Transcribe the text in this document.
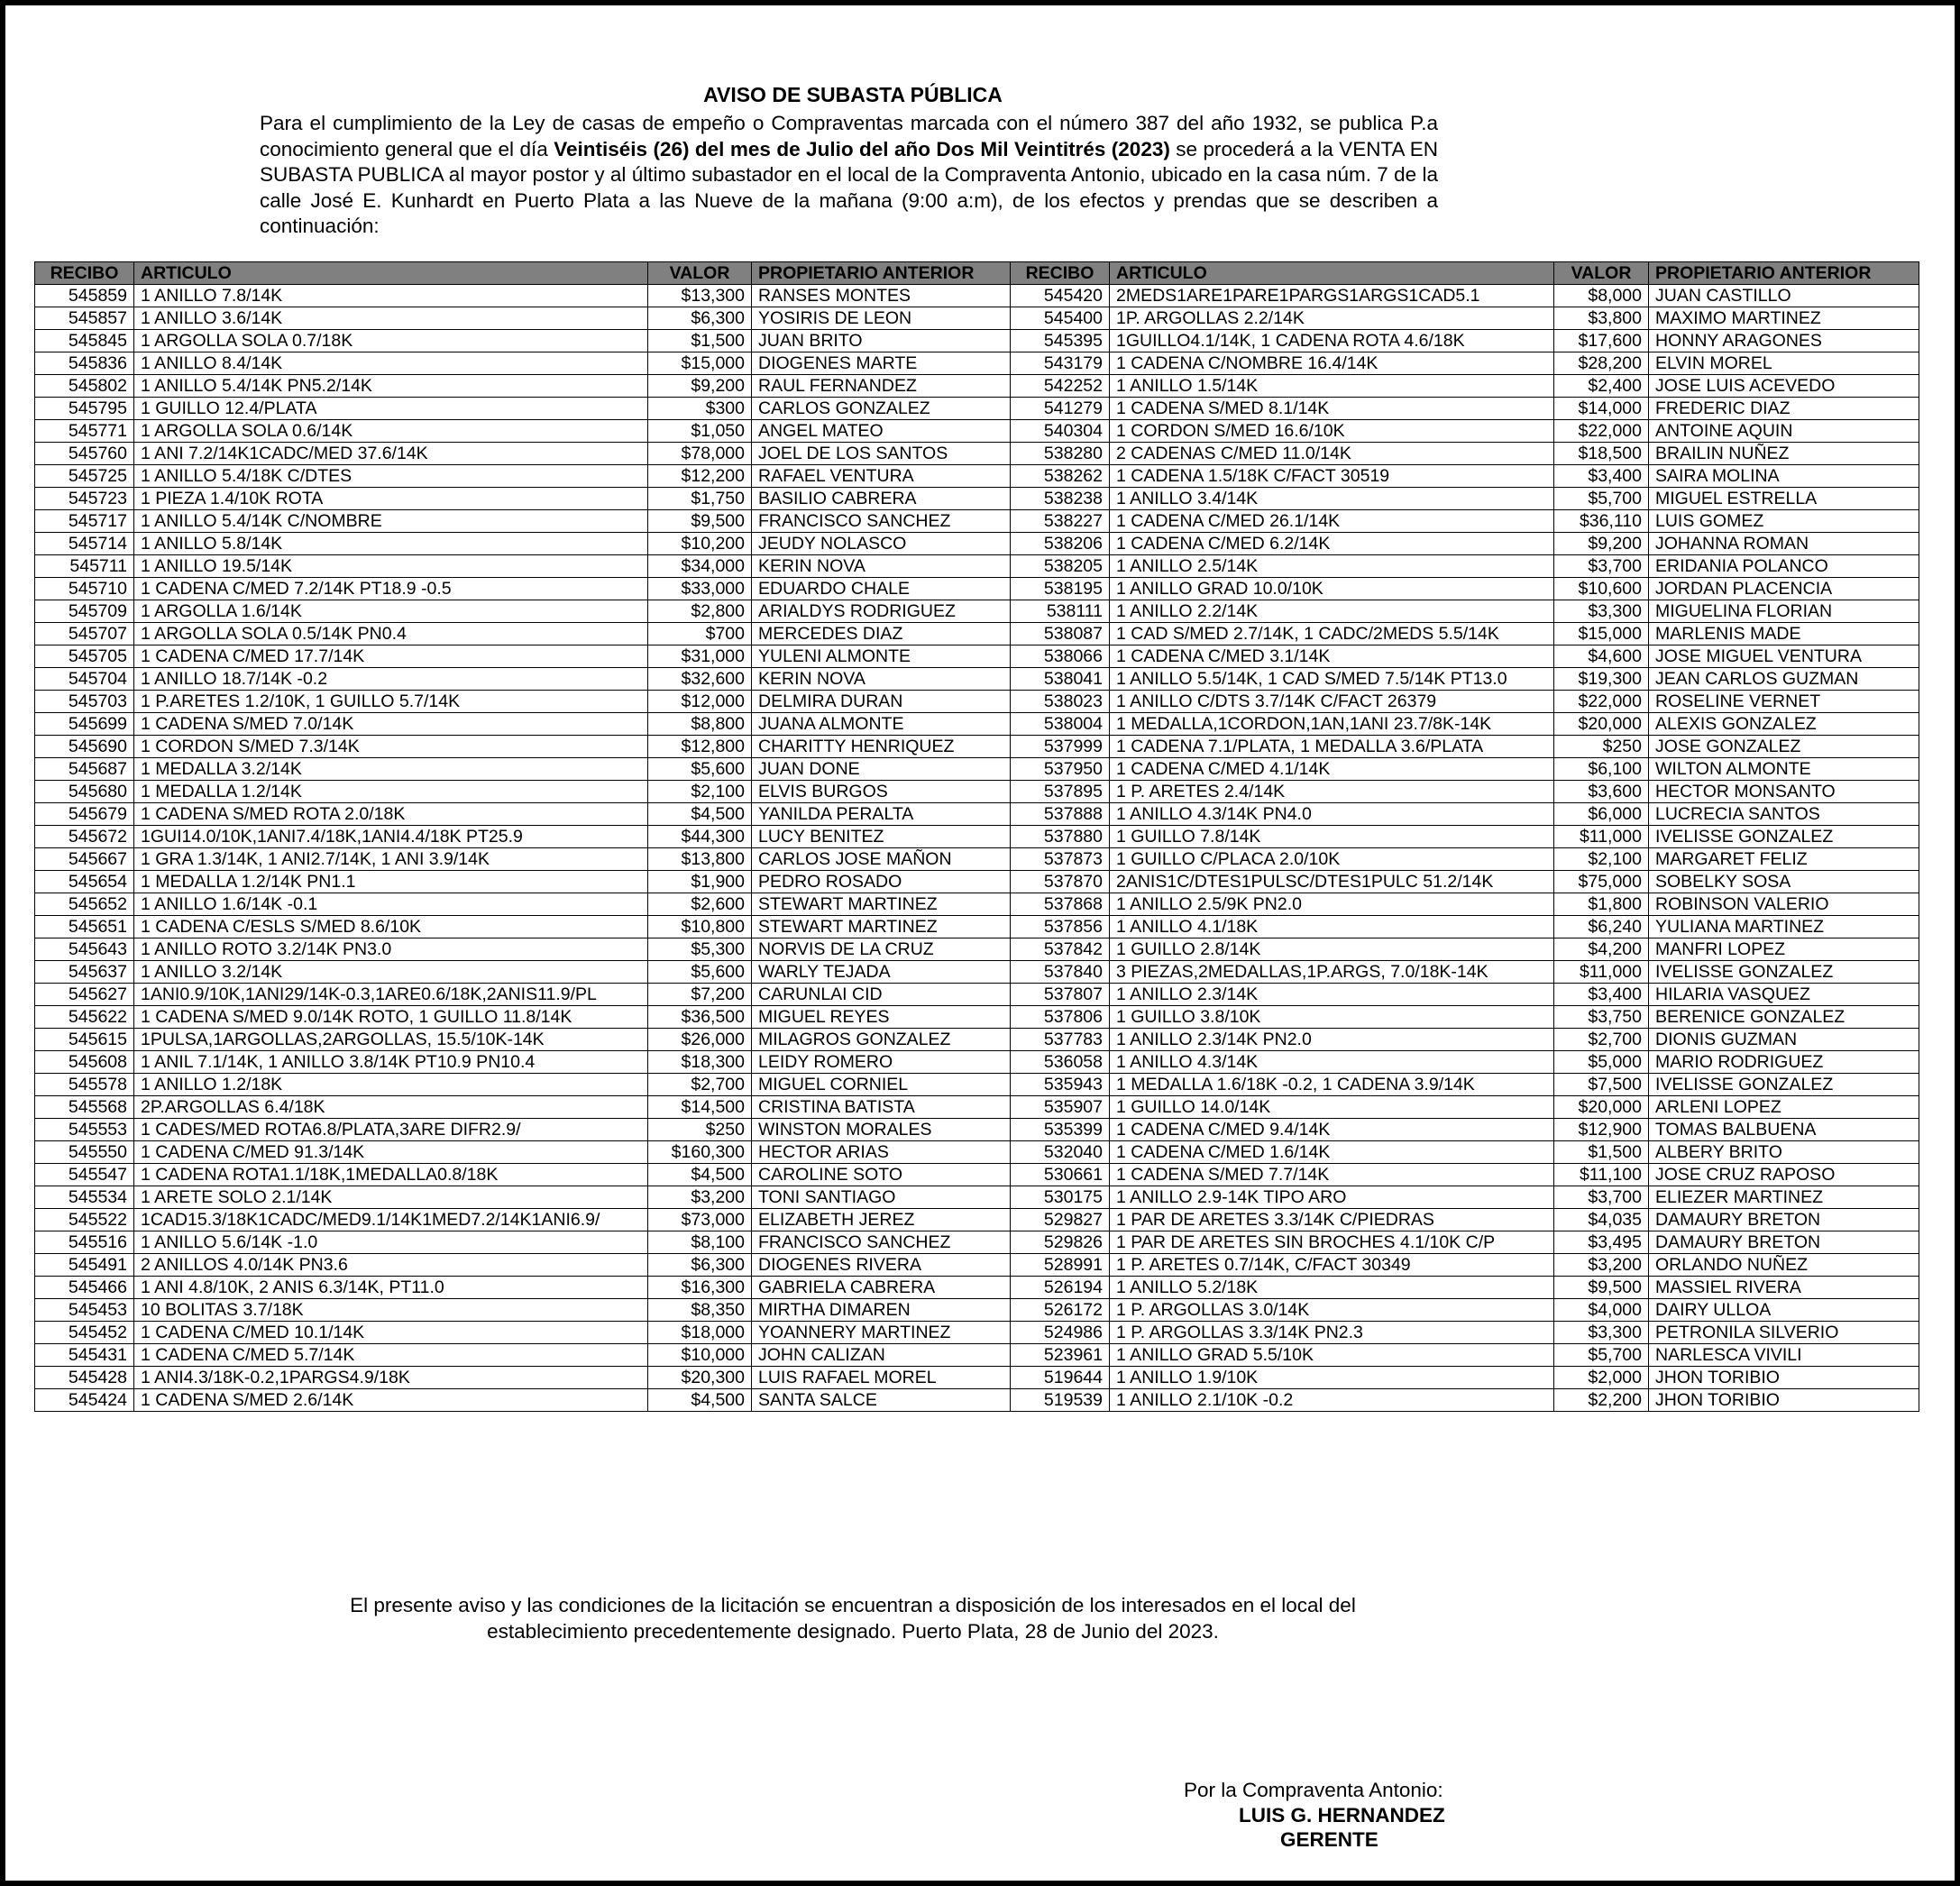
AVISO DE SUBASTA PÚBLICA
Para el cumplimiento de la Ley de casas de empeño o Compraventas marcada con el número 387 del año 1932, se publica P.a conocimiento general que el día Veintiséis (26) del mes de Julio del año Dos Mil Veintitrés (2023) se procederá a la VENTA EN SUBASTA PUBLICA al mayor postor y al último subastador en el local de la Compraventa Antonio, ubicado en la casa núm. 7 de la calle José E. Kunhardt en Puerto Plata a las Nueve de la mañana (9:00 a:m), de los efectos y prendas que se describen a continuación:
RECIBO	ARTICULO	VALOR	PROPIETARIO ANTERIOR	RECIBO	ARTICULO	VALOR	PROPIETARIO ANTERIOR
545859	1 ANILLO 7.8/14K	$13,300	RANSES MONTES	545420	2MEDS1ARE1PARE1PARGS1ARGS1CAD5.1	$8,000	JUAN CASTILLO
545857	1 ANILLO 3.6/14K	$6,300	YOSIRIS DE LEON	545400	1P. ARGOLLAS 2.2/14K	$3,800	MAXIMO MARTINEZ
545845	1 ARGOLLA SOLA 0.7/18K	$1,500	JUAN BRITO	545395	1GUILLO4.1/14K, 1 CADENA ROTA 4.6/18K	$17,600	HONNY ARAGONES
545836	1 ANILLO 8.4/14K	$15,000	DIOGENES MARTE	543179	1 CADENA C/NOMBRE 16.4/14K	$28,200	ELVIN MOREL
545802	1 ANILLO 5.4/14K PN5.2/14K	$9,200	RAUL FERNANDEZ	542252	1 ANILLO 1.5/14K	$2,400	JOSE LUIS ACEVEDO
545795	1 GUILLO 12.4/PLATA	$300	CARLOS GONZALEZ	541279	1 CADENA S/MED 8.1/14K	$14,000	FREDERIC DIAZ
545771	1 ARGOLLA SOLA 0.6/14K	$1,050	ANGEL MATEO	540304	1 CORDON S/MED 16.6/10K	$22,000	ANTOINE AQUIN
545760	1 ANI 7.2/14K1CADC/MED 37.6/14K	$78,000	JOEL DE LOS SANTOS	538280	2 CADENAS C/MED 11.0/14K	$18,500	BRAILIN NUÑEZ
545725	1 ANILLO 5.4/18K C/DTES	$12,200	RAFAEL VENTURA	538262	1 CADENA 1.5/18K C/FACT 30519	$3,400	SAIRA MOLINA
545723	1 PIEZA 1.4/10K ROTA	$1,750	BASILIO CABRERA	538238	1 ANILLO 3.4/14K	$5,700	MIGUEL ESTRELLA
545717	1 ANILLO 5.4/14K C/NOMBRE	$9,500	FRANCISCO SANCHEZ	538227	1 CADENA C/MED 26.1/14K	$36,110	LUIS GOMEZ
545714	1 ANILLO 5.8/14K	$10,200	JEUDY NOLASCO	538206	1 CADENA C/MED 6.2/14K	$9,200	JOHANNA ROMAN
545711	1 ANILLO 19.5/14K	$34,000	KERIN NOVA	538205	1 ANILLO 2.5/14K	$3,700	ERIDANIA POLANCO
545710	1 CADENA C/MED 7.2/14K PT18.9 -0.5	$33,000	EDUARDO CHALE	538195	1 ANILLO GRAD 10.0/10K	$10,600	JORDAN PLACENCIA
545709	1 ARGOLLA 1.6/14K	$2,800	ARIALDYS RODRIGUEZ	538111	1 ANILLO 2.2/14K	$3,300	MIGUELINA FLORIAN
545707	1 ARGOLLA SOLA 0.5/14K PN0.4	$700	MERCEDES DIAZ	538087	1 CAD S/MED 2.7/14K, 1 CADC/2MEDS 5.5/14K	$15,000	MARLENIS MADE
545705	1 CADENA C/MED 17.7/14K	$31,000	YULENI ALMONTE	538066	1 CADENA C/MED 3.1/14K	$4,600	JOSE MIGUEL VENTURA
545704	1 ANILLO 18.7/14K -0.2	$32,600	KERIN NOVA	538041	1 ANILLO 5.5/14K, 1 CAD S/MED 7.5/14K PT13.0	$19,300	JEAN CARLOS GUZMAN
545703	1 P.ARETES 1.2/10K, 1 GUILLO 5.7/14K	$12,000	DELMIRA DURAN	538023	1 ANILLO C/DTS 3.7/14K C/FACT 26379	$22,000	ROSELINE VERNET
545699	1 CADENA S/MED 7.0/14K	$8,800	JUANA ALMONTE	538004	1 MEDALLA,1CORDON,1AN,1ANI 23.7/8K-14K	$20,000	ALEXIS GONZALEZ
545690	1 CORDON S/MED 7.3/14K	$12,800	CHARITTY HENRIQUEZ	537999	1 CADENA 7.1/PLATA, 1 MEDALLA 3.6/PLATA	$250	JOSE GONZALEZ
545687	1 MEDALLA 3.2/14K	$5,600	JUAN DONE	537950	1 CADENA C/MED 4.1/14K	$6,100	WILTON ALMONTE
545680	1 MEDALLA 1.2/14K	$2,100	ELVIS BURGOS	537895	1 P. ARETES 2.4/14K	$3,600	HECTOR MONSANTO
545679	1 CADENA S/MED ROTA 2.0/18K	$4,500	YANILDA PERALTA	537888	1 ANILLO 4.3/14K PN4.0	$6,000	LUCRECIA SANTOS
545672	1GUI14.0/10K,1ANI7.4/18K,1ANI4.4/18K PT25.9	$44,300	LUCY BENITEZ	537880	1 GUILLO 7.8/14K	$11,000	IVELISSE GONZALEZ
545667	1 GRA 1.3/14K, 1 ANI2.7/14K, 1 ANI 3.9/14K	$13,800	CARLOS JOSE MAÑON	537873	1 GUILLO C/PLACA 2.0/10K	$2,100	MARGARET FELIZ
545654	1 MEDALLA 1.2/14K PN1.1	$1,900	PEDRO ROSADO	537870	2ANIS1C/DTES1PULSC/DTES1PULC 51.2/14K	$75,000	SOBELKY SOSA
545652	1 ANILLO 1.6/14K -0.1	$2,600	STEWART MARTINEZ	537868	1 ANILLO 2.5/9K PN2.0	$1,800	ROBINSON VALERIO
545651	1 CADENA C/ESLS S/MED 8.6/10K	$10,800	STEWART MARTINEZ	537856	1 ANILLO 4.1/18K	$6,240	YULIANA MARTINEZ
545643	1 ANILLO ROTO 3.2/14K PN3.0	$5,300	NORVIS DE LA CRUZ	537842	1 GUILLO 2.8/14K	$4,200	MANFRI LOPEZ
545637	1 ANILLO 3.2/14K	$5,600	WARLY TEJADA	537840	3 PIEZAS,2MEDALLAS,1P.ARGS, 7.0/18K-14K	$11,000	IVELISSE GONZALEZ
545627	1ANI0.9/10K,1ANI29/14K-0.3,1ARE0.6/18K,2ANIS11.9/PL	$7,200	CARUNLAI CID	537807	1 ANILLO 2.3/14K	$3,400	HILARIA VASQUEZ
545622	1 CADENA S/MED 9.0/14K ROTO, 1 GUILLO 11.8/14K	$36,500	MIGUEL REYES	537806	1 GUILLO 3.8/10K	$3,750	BERENICE GONZALEZ
545615	1PULSA,1ARGOLLAS,2ARGOLLAS, 15.5/10K-14K	$26,000	MILAGROS GONZALEZ	537783	1 ANILLO 2.3/14K PN2.0	$2,700	DIONIS GUZMAN
545608	1 ANIL 7.1/14K, 1 ANILLO 3.8/14K PT10.9 PN10.4	$18,300	LEIDY ROMERO	536058	1 ANILLO 4.3/14K	$5,000	MARIO RODRIGUEZ
545578	1 ANILLO 1.2/18K	$2,700	MIGUEL CORNIEL	535943	1 MEDALLA 1.6/18K -0.2, 1 CADENA 3.9/14K	$7,500	IVELISSE GONZALEZ
545568	2P.ARGOLLAS 6.4/18K	$14,500	CRISTINA BATISTA	535907	1 GUILLO 14.0/14K	$20,000	ARLENI LOPEZ
545553	1 CADES/MED ROTA6.8/PLATA,3ARE DIFR2.9/	$250	WINSTON MORALES	535399	1 CADENA C/MED 9.4/14K	$12,900	TOMAS BALBUENA
545550	1 CADENA C/MED 91.3/14K	$160,300	HECTOR ARIAS	532040	1 CADENA C/MED 1.6/14K	$1,500	ALBERY BRITO
545547	1 CADENA ROTA1.1/18K,1MEDALLA0.8/18K	$4,500	CAROLINE SOTO	530661	1 CADENA S/MED 7.7/14K	$11,100	JOSE CRUZ RAPOSO
545534	1 ARETE SOLO 2.1/14K	$3,200	TONI SANTIAGO	530175	1 ANILLO 2.9-14K TIPO ARO	$3,700	ELIEZER MARTINEZ
545522	1CAD15.3/18K1CADC/MED9.1/14K1MED7.2/14K1ANI6.9/	$73,000	ELIZABETH JEREZ	529827	1 PAR DE ARETES 3.3/14K C/PIEDRAS	$4,035	DAMAURY BRETON
545516	1 ANILLO 5.6/14K -1.0	$8,100	FRANCISCO SANCHEZ	529826	1 PAR DE ARETES SIN BROCHES 4.1/10K C/P	$3,495	DAMAURY BRETON
545491	2 ANILLOS 4.0/14K PN3.6	$6,300	DIOGENES RIVERA	528991	1 P. ARETES 0.7/14K, C/FACT 30349	$3,200	ORLANDO NUÑEZ
545466	1 ANI 4.8/10K, 2 ANIS 6.3/14K, PT11.0	$16,300	GABRIELA CABRERA	526194	1 ANILLO 5.2/18K	$9,500	MASSIEL RIVERA
545453	10 BOLITAS 3.7/18K	$8,350	MIRTHA DIMAREN	526172	1 P. ARGOLLAS 3.0/14K	$4,000	DAIRY ULLOA
545452	1 CADENA C/MED 10.1/14K	$18,000	YOANNERY MARTINEZ	524986	1 P. ARGOLLAS 3.3/14K PN2.3	$3,300	PETRONILA SILVERIO
545431	1 CADENA C/MED 5.7/14K	$10,000	JOHN CALIZAN	523961	1 ANILLO GRAD 5.5/10K	$5,700	NARLESCA VIVILI
545428	1 ANI4.3/18K-0.2,1PARGS4.9/18K	$20,300	LUIS RAFAEL MOREL	519644	1 ANILLO 1.9/10K	$2,000	JHON TORIBIO
545424	1 CADENA S/MED 2.6/14K	$4,500	SANTA SALCE	519539	1 ANILLO 2.1/10K -0.2	$2,200	JHON TORIBIO
El presente aviso y las condiciones de la licitación se encuentran a disposición de los interesados en el local del
establecimiento precedentemente designado. Puerto Plata, 28 de Junio del 2023.
Por la Compraventa Antonio:
LUIS G. HERNANDEZ
GERENTE
